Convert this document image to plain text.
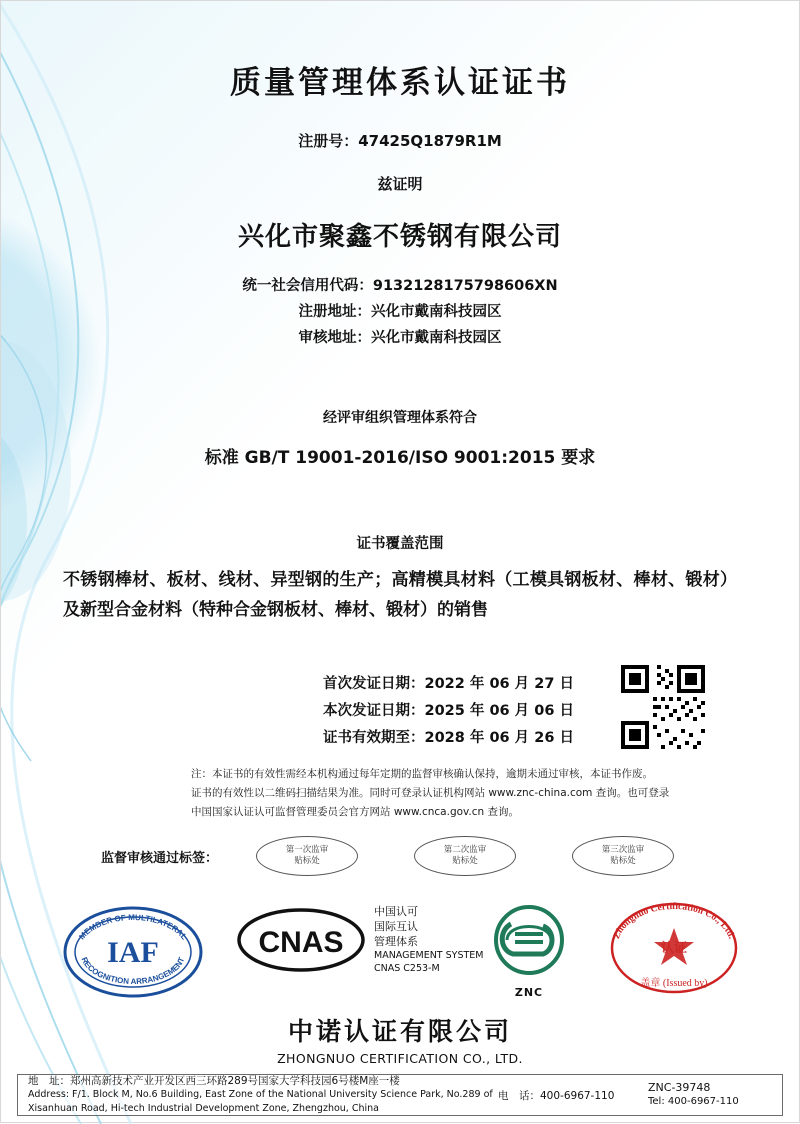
质量管理体系认证证书
注册号：47425Q1879R1M
兹证明
兴化市聚鑫不锈钢有限公司
统一社会信用代码：9132128175798606XN
注册地址：兴化市戴南科技园区
审核地址：兴化市戴南科技园区
经评审组织管理体系符合
标准 GB/T 19001-2016/ISO 9001:2015 要求
证书覆盖范围
不锈钢棒材、板材、线材、异型钢的生产；高精模具材料（工模具钢板材、棒材、锻材）及新型合金材料（特种合金钢板材、棒材、锻材）的销售
首次发证日期：2022 年 06 月 27 日
本次发证日期：2025 年 06 月 06 日
证书有效期至：2028 年 06 月 26 日
注：本证书的有效性需经本机构通过每年定期的监督审核确认保持，逾期未通过审核，本证书作废。
证书的有效性以二维码扫描结果为准。同时可登录认证机构网站 www.znc-china.com 查询。也可登录
中国国家认证认可监督管理委员会官方网站 www.cnca.gov.cn 查询。
监督审核通过标签：
第一次监审
贴标处
第二次监审
贴标处
第三次监审
贴标处
MEMBER OF MULTILATERAL
RECOGNITION ARRANGEMENT
IAF	CNAS
中国认可
国际互认
管理体系
MANAGEMENT SYSTEM
CNAS C253-M
ZNC
Zhongnuo Certification Co., Ltd.
认证
盖章 (Issued by)
中诺认证有限公司
ZHONGNUO CERTIFICATION CO., LTD.
地　址：郑州高新技术产业开发区西三环路289号国家大学科技园6号楼M座一楼
Address: F/1. Block M, No.6 Building, East Zone of the National University Science Park, No.289 of Xisanhuan Road, Hi-tech Industrial Development Zone, Zhengzhou, China
电　话：400-6967-110
ZNC-39748
Tel: 400-6967-110
